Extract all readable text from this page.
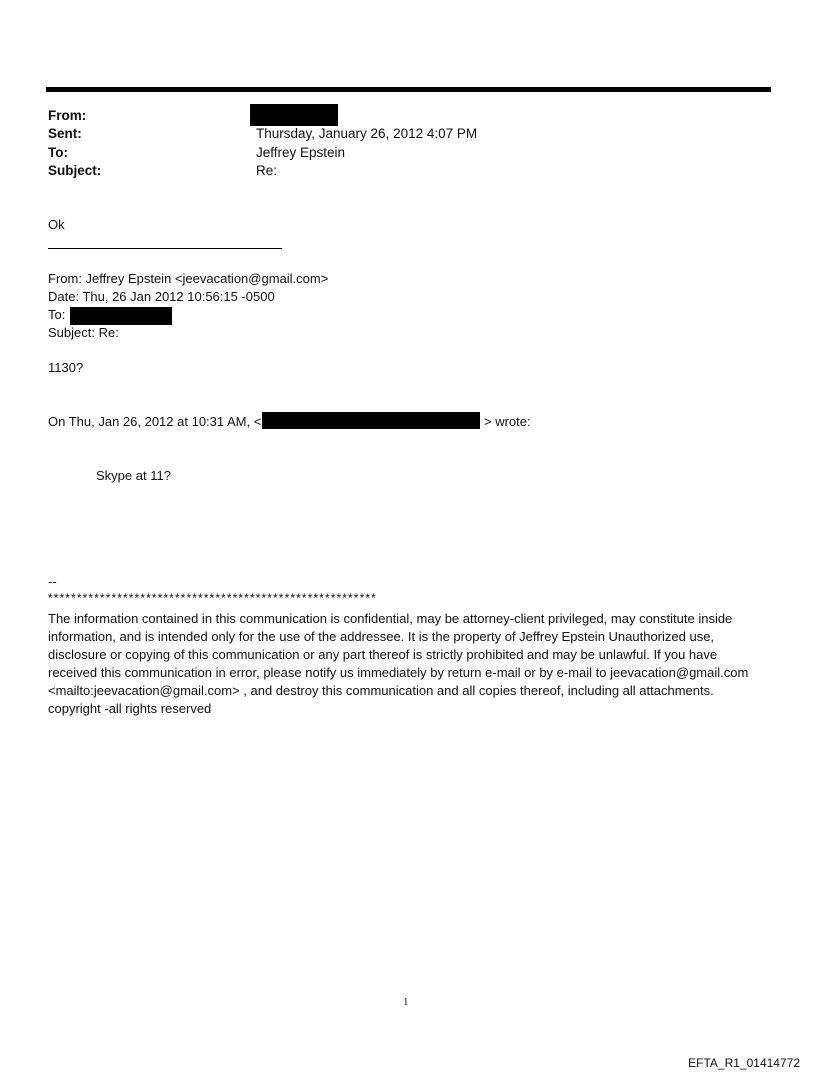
From:
Sent:	Thursday, January 26, 2012 4:07 PM
To:	Jeffrey Epstein
Subject:	Re:
Ok
From: Jeffrey Epstein <jeevacation@gmail.com>
Date: Thu, 26 Jan 2012 10:56:15 -0500
To:
Subject: Re:
1130?
On Thu, Jan 26, 2012 at 10:31 AM, <	> wrote:
Skype at 11?
--
*********************************************************
The information contained in this communication is confidential, may be attorney-client privileged, may constitute inside information, and is intended only for the use of the addressee. It is the property of Jeffrey Epstein Unauthorized use, disclosure or copying of this communication or any part thereof is strictly prohibited and may be unlawful. If you have received this communication in error, please notify us immediately by return e-mail or by e-mail to jeevacation@gmail.com <mailto:jeevacation@gmail.com> , and destroy this communication and all copies thereof, including all attachments. copyright -all rights reserved
1
EFTA_R1_01414772
